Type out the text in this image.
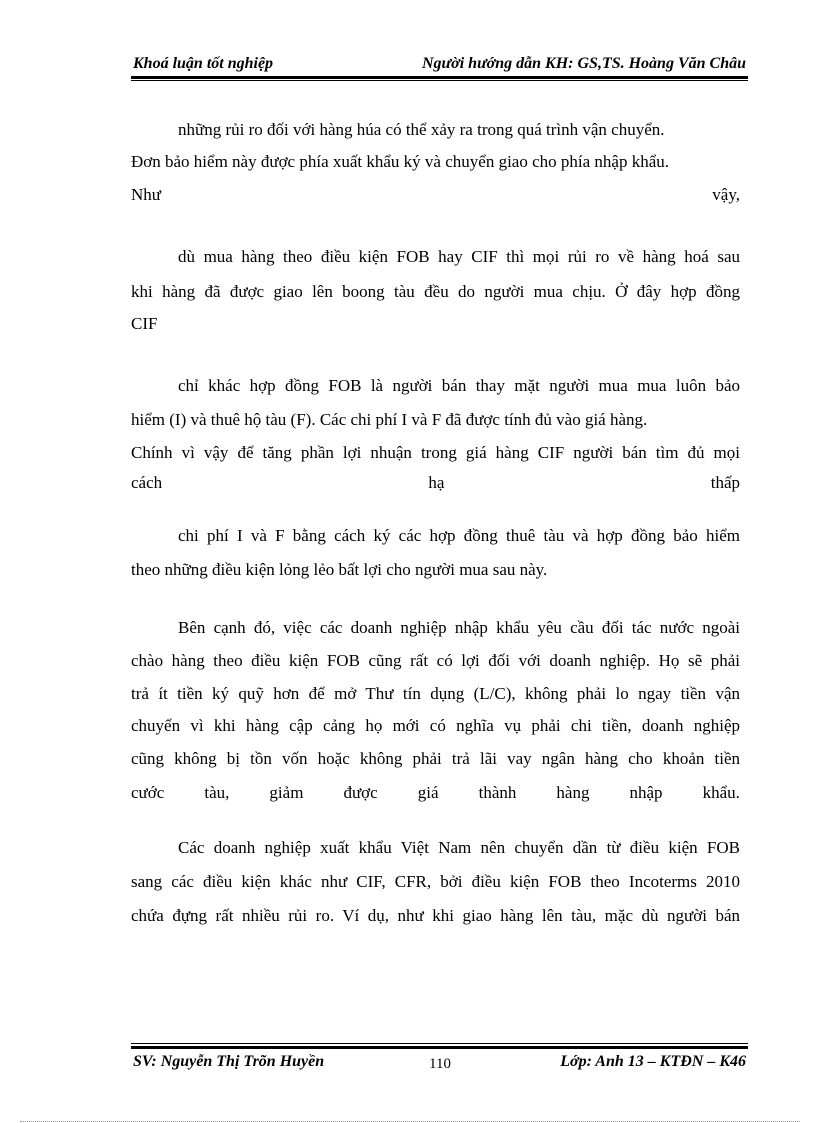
Khoá luận tốt nghiệp	Người hướng dẫn KH: GS,TS. Hoàng Văn Châu
những rủi ro đối với hàng húa có thể xảy ra trong quá trình vận chuyển.
Đơn bảo hiểm này được phía xuất khẩu ký và chuyển giao cho phía nhập khẩu.
Như	vậy,
dù mua hàng theo điều kiện FOB hay CIF thì mọi rủi ro về hàng hoá sau
khi hàng đã được giao lên boong tàu đều do người mua chịu. Ở đây hợp đồng
CIF
chỉ khác hợp đồng FOB là người bán thay mặt người mua mua luôn bảo
hiểm (I) và thuê hộ tàu (F). Các chi phí I và F đã được tính đủ vào giá hàng.
Chính vì vậy để tăng phần lợi nhuận trong giá hàng CIF người bán tìm đủ mọi
cách	hạ	thấp
chi phí I và F bằng cách ký các hợp đồng thuê tàu và hợp đồng bảo hiểm
theo những điều kiện lỏng lẻo bất lợi cho người mua sau này.
Bên cạnh đó, việc các doanh nghiệp nhập khẩu yêu cầu đối tác nước ngoài
chào hàng theo điều kiện FOB cũng rất có lợi đối với doanh nghiệp. Họ sẽ phải
trả ít tiền ký quỹ hơn để mở Thư tín dụng (L/C), không phải lo ngay tiền vận
chuyển vì khi hàng cập cảng họ mới có nghĩa vụ phải chi tiền, doanh nghiệp
cũng không bị tồn vốn hoặc không phải trả lãi vay ngân hàng cho khoản tiền
cước tàu, giảm được giá thành hàng nhập khẩu.
Các doanh nghiệp xuất khẩu Việt Nam nên chuyển dần từ điều kiện FOB
sang các điều kiện khác như CIF, CFR, bởi điều kiện FOB theo Incoterms 2010
chứa đựng rất nhiều rủi ro. Ví dụ, như khi giao hàng lên tàu, mặc dù người bán
SV: Nguyễn Thị Trõn Huyền	110	Lớp: Anh 13 – KTĐN – K46
